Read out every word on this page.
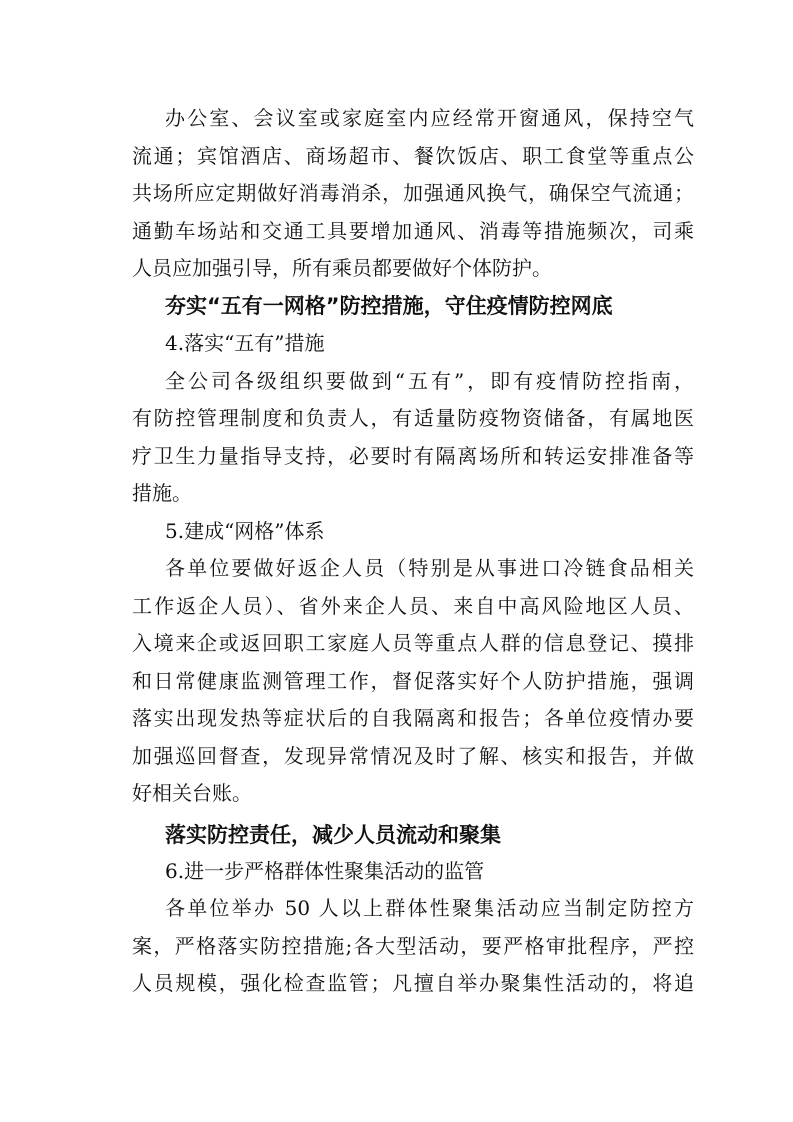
办公室、会议室或家庭室内应经常开窗通风，保持空气
流通；宾馆酒店、商场超市、餐饮饭店、职工食堂等重点公
共场所应定期做好消毒消杀，加强通风换气，确保空气流通；
通勤车场站和交通工具要增加通风、消毒等措施频次，司乘
人员应加强引导，所有乘员都要做好个体防护。
夯实“五有一网格”防控措施，守住疫情防控网底
4.落实“五有”措施
全公司各级组织要做到“五有”，即有疫情防控指南，
有防控管理制度和负责人，有适量防疫物资储备，有属地医
疗卫生力量指导支持，必要时有隔离场所和转运安排准备等
措施。
5.建成“网格”体系
各单位要做好返企人员（特别是从事进口冷链食品相关
工作返企人员）、省外来企人员、来自中高风险地区人员、
入境来企或返回职工家庭人员等重点人群的信息登记、摸排
和日常健康监测管理工作，督促落实好个人防护措施，强调
落实出现发热等症状后的自我隔离和报告；各单位疫情办要
加强巡回督查，发现异常情况及时了解、核实和报告，并做
好相关台账。
落实防控责任，减少人员流动和聚集
6.进一步严格群体性聚集活动的监管
各单位举办 50 人以上群体性聚集活动应当制定防控方
案，严格落实防控措施;各大型活动，要严格审批程序，严控
人员规模，强化检查监管；凡擅自举办聚集性活动的，将追
